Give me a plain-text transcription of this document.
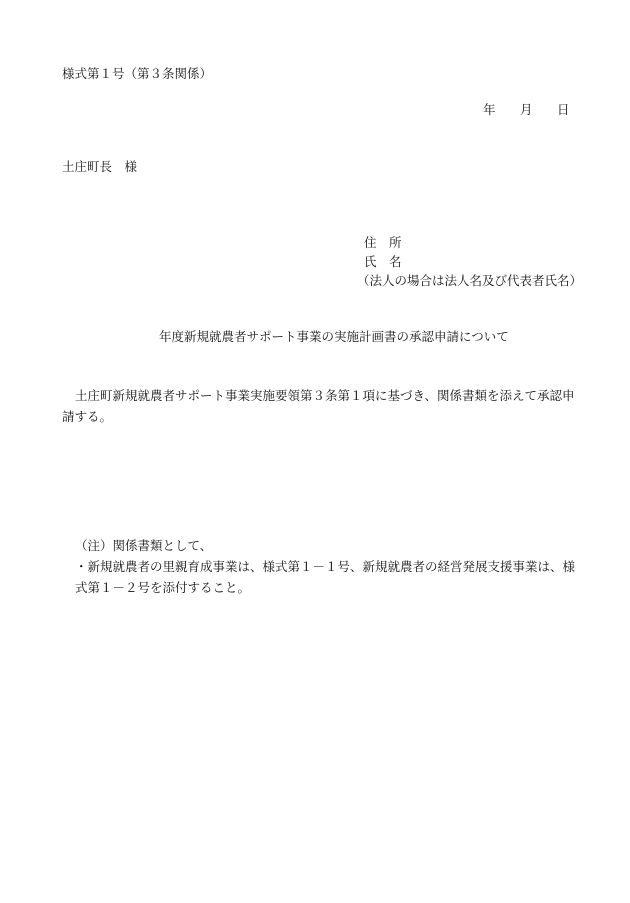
様式第１号（第３条関係）
年 月 日
土庄町長　様
住　所
氏　名
（法人の場合は法人名及び代表者氏名）
年度新規就農者サポート事業の実施計画書の承認申請について
土庄町新規就農者サポート事業実施要領第３条第１項に基づき、関係書類を添えて承認申請する。
（注）関係書類として、
・新規就農者の里親育成事業は、様式第１－１号、新規就農者の経営発展支援事業は、様式第１－２号を添付すること。
